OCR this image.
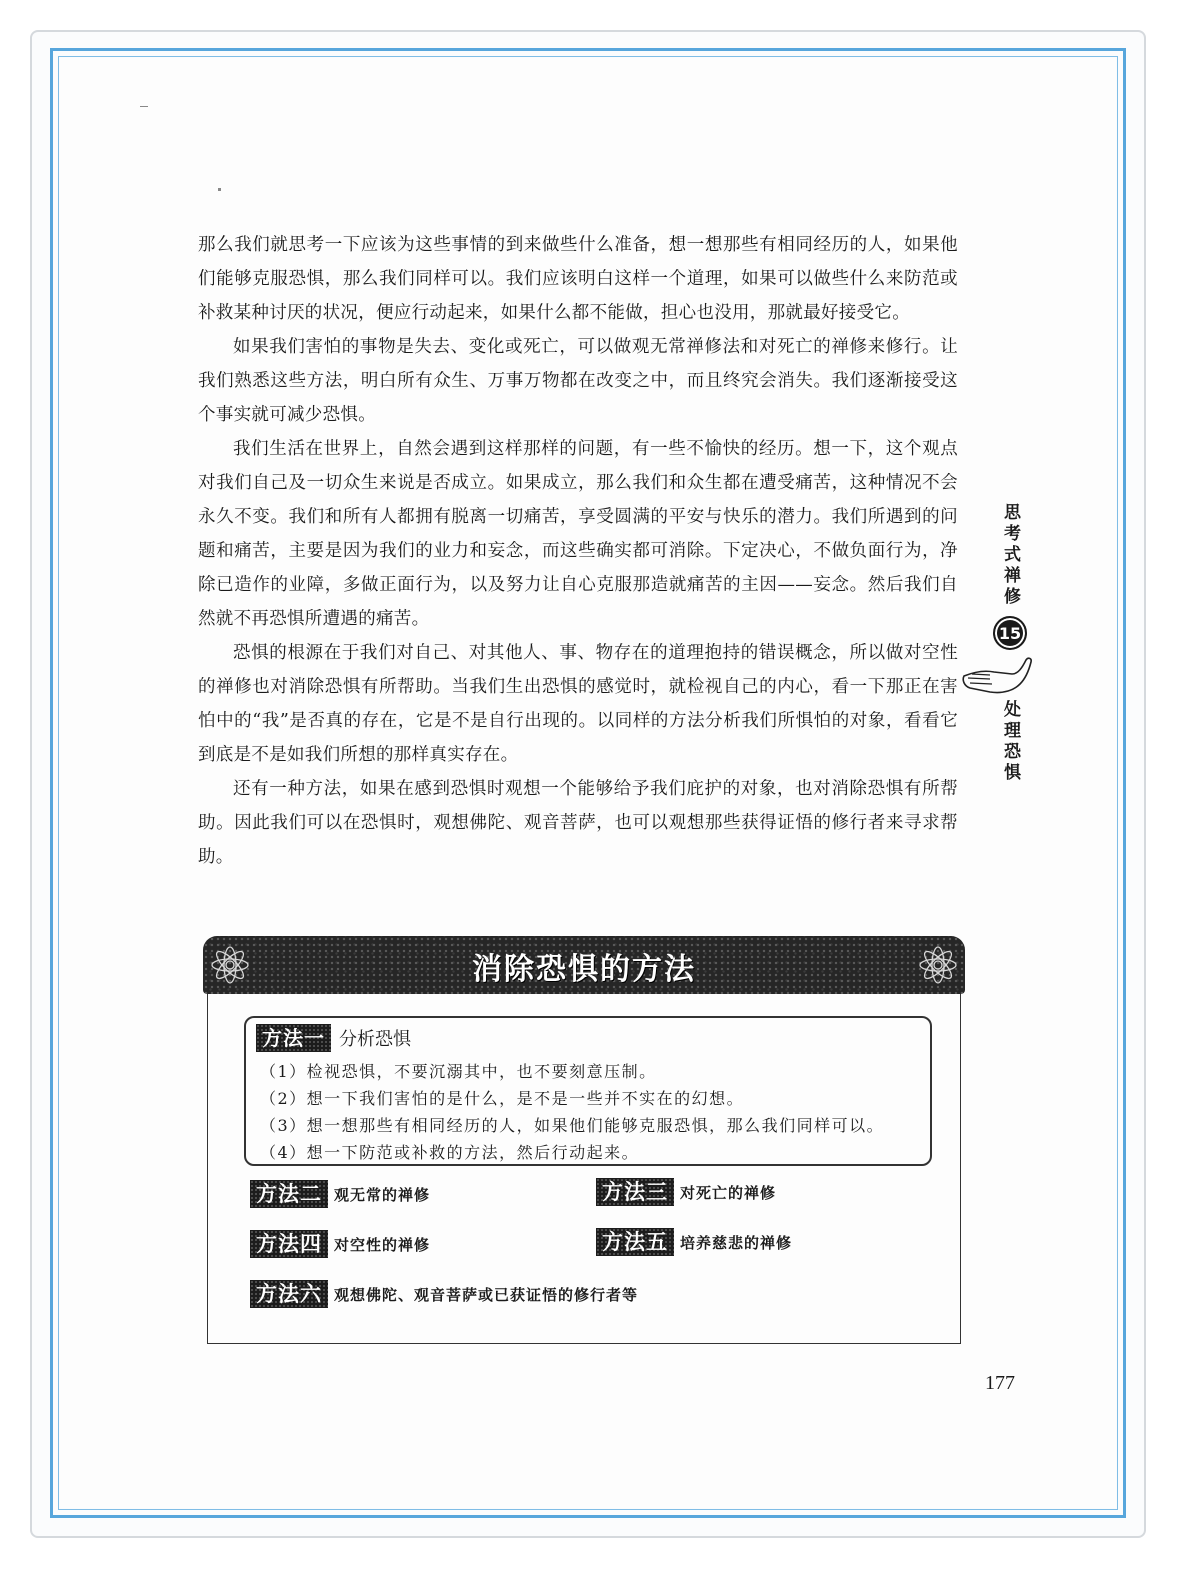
那么我们就思考一下应该为这些事情的到来做些什么准备，想一想那些有相同经历的人，如果他们能够克服恐惧，那么我们同样可以。我们应该明白这样一个道理，如果可以做些什么来防范或补救某种讨厌的状况，便应行动起来，如果什么都不能做，担心也没用，那就最好接受它。

如果我们害怕的事物是失去、变化或死亡，可以做观无常禅修法和对死亡的禅修来修行。让我们熟悉这些方法，明白所有众生、万事万物都在改变之中，而且终究会消失。我们逐渐接受这个事实就可减少恐惧。

我们生活在世界上，自然会遇到这样那样的问题，有一些不愉快的经历。想一下，这个观点对我们自己及一切众生来说是否成立。如果成立，那么我们和众生都在遭受痛苦，这种情况不会永久不变。我们和所有人都拥有脱离一切痛苦，享受圆满的平安与快乐的潜力。我们所遇到的问题和痛苦，主要是因为我们的业力和妄念，而这些确实都可消除。下定决心，不做负面行为，净除已造作的业障，多做正面行为，以及努力让自心克服那造就痛苦的主因——妄念。然后我们自然就不再恐惧所遭遇的痛苦。

恐惧的根源在于我们对自己、对其他人、事、物存在的道理抱持的错误概念，所以做对空性的禅修也对消除恐惧有所帮助。当我们生出恐惧的感觉时，就检视自己的内心，看一下那正在害怕中的“我”是否真的存在，它是不是自行出现的。以同样的方法分析我们所惧怕的对象，看看它到底是不是如我们所想的那样真实存在。

还有一种方法，如果在感到恐惧时观想一个能够给予我们庇护的对象，也对消除恐惧有所帮助。因此我们可以在恐惧时，观想佛陀、观音菩萨，也可以观想那些获得证悟的修行者来寻求帮助。

思考式禅修
15
处理恐惧
消除恐惧的方法
方法一 分析恐惧
（1）检视恐惧，不要沉溺其中，也不要刻意压制。
（2）想一下我们害怕的是什么，是不是一些并不实在的幻想。
（3）想一想那些有相同经历的人，如果他们能够克服恐惧，那么我们同样可以。
（4）想一下防范或补救的方法，然后行动起来。
方法二 观无常的禅修	方法三 对死亡的禅修
方法四 对空性的禅修	方法五 培养慈悲的禅修
方法六 观想佛陀、观音菩萨或已获证悟的修行者等
177
